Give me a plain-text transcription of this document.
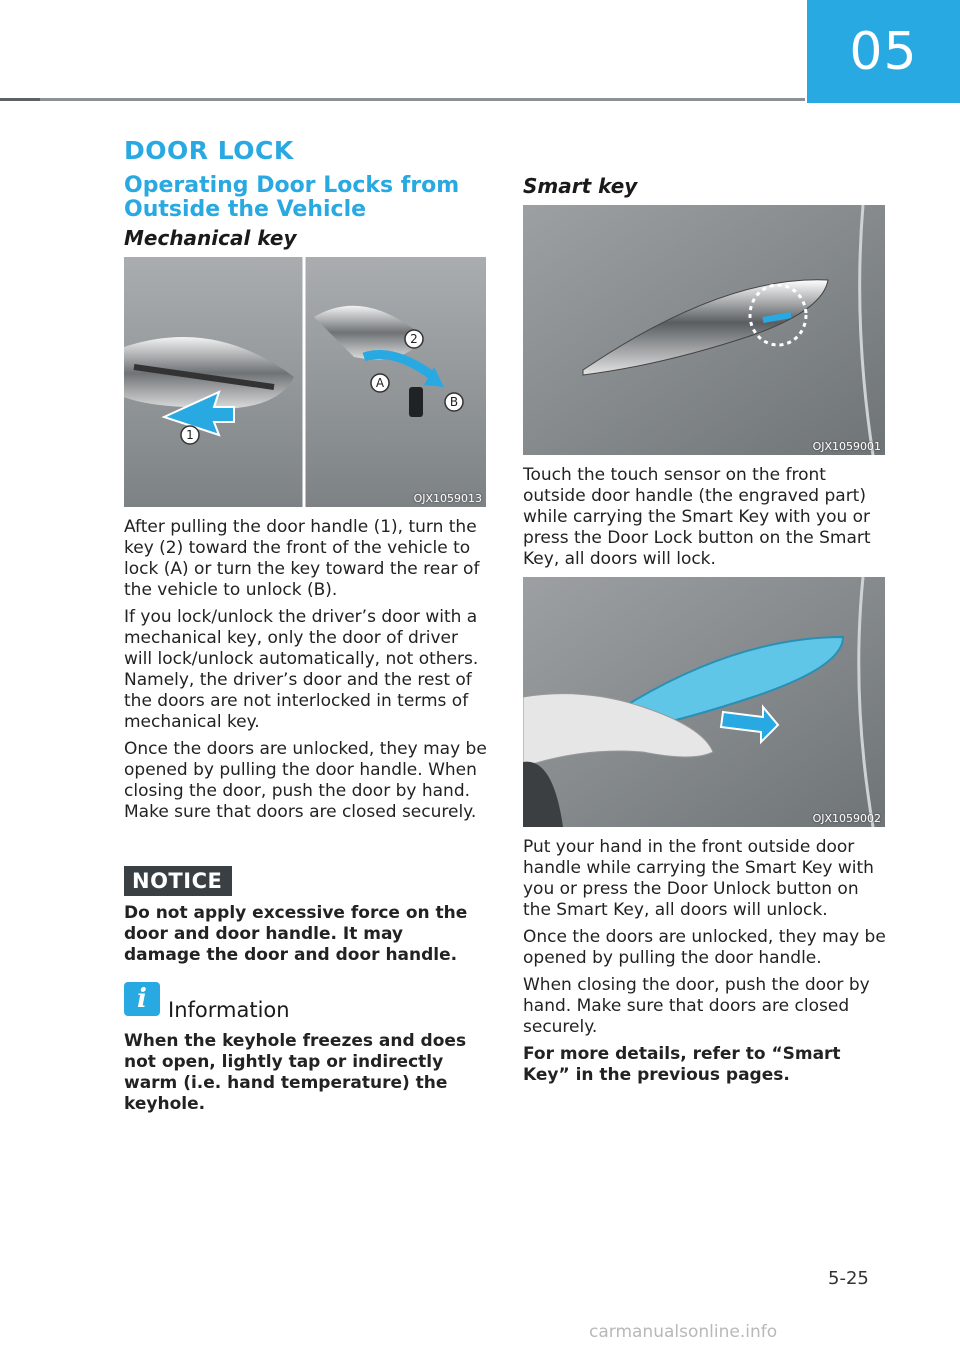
05
DOOR LOCK
Operating Door Locks from Outside the Vehicle
Mechanical key
1
2
A
B
OJX1059013

After pulling the door handle (1), turn the key (2) toward the front of the vehicle to lock (A) or turn the key toward the rear of the vehicle to unlock (B).

If you lock/unlock the driver’s door with a mechanical key, only the door of driver will lock/unlock automatically, not others. Namely, the driver’s door and the rest of the doors are not interlocked in terms of mechanical key.

Once the doors are unlocked, they may be opened by pulling the door handle. When closing the door, push the door by hand. Make sure that doors are closed securely.

NOTICE

Do not apply excessive force on the door and door handle. It may damage the door and door handle.

i	Information

When the keyhole freezes and does not open, lightly tap or indirectly warm (i.e. hand temperature) the keyhole.

Smart key
OJX1059001

Touch the touch sensor on the front outside door handle (the engraved part) while carrying the Smart Key with you or press the Door Lock button on the Smart Key, all doors will lock.

OJX1059002

Put your hand in the front outside door handle while carrying the Smart Key with you or press the Door Unlock button on the Smart Key, all doors will unlock.

Once the doors are unlocked, they may be opened by pulling the door handle.

When closing the door, push the door by hand. Make sure that doors are closed securely.

For more details, refer to “Smart Key” in the previous pages.

5-25
carmanualsonline.info
